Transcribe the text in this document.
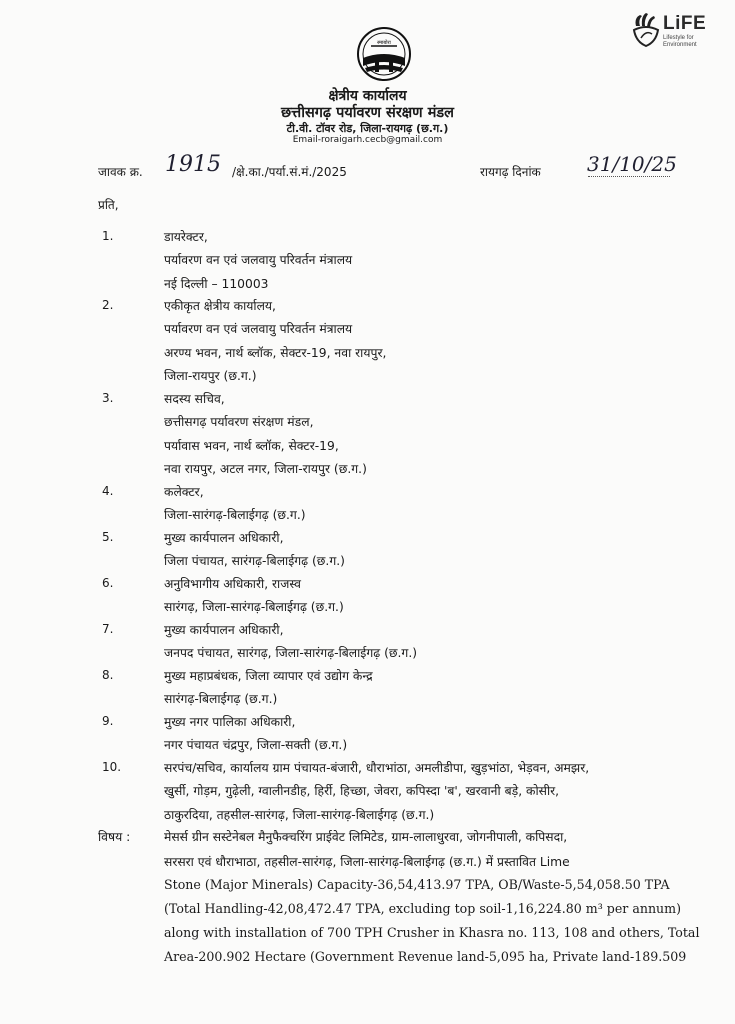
स्माबोरा
LiFE
Lifestyle for Environment
क्षेत्रीय कार्यालय
छत्तीसगढ़ पर्यावरण संरक्षण मंडल
टी.वी. टॉवर रोड, जिला-रायगढ़ (छ.ग.)
Email-roraigarh.cecb@gmail.com
जावक क्र. 1915 /क्षे.का./पर्या.सं.मं./2025	रायगढ़ दिनांक 31/10/25
प्रति,
1.	डायरेक्टर,
पर्यावरण वन एवं जलवायु परिवर्तन मंत्रालय
नई दिल्ली – 110003
2.	एकीकृत क्षेत्रीय कार्यालय,
पर्यावरण वन एवं जलवायु परिवर्तन मंत्रालय
अरण्य भवन, नार्थ ब्लॉक, सेक्टर-19, नवा रायपुर,
जिला-रायपुर (छ.ग.)
3.	सदस्य सचिव,
छत्तीसगढ़ पर्यावरण संरक्षण मंडल,
पर्यावास भवन, नार्थ ब्लॉक, सेक्टर-19,
नवा रायपुर, अटल नगर, जिला-रायपुर (छ.ग.)
4.	कलेक्टर,
जिला-सारंगढ़-बिलाईगढ़ (छ.ग.)
5.	मुख्य कार्यपालन अधिकारी,
जिला पंचायत, सारंगढ़-बिलाईगढ़ (छ.ग.)
6.	अनुविभागीय अधिकारी, राजस्व
सारंगढ़, जिला-सारंगढ़-बिलाईगढ़ (छ.ग.)
7.	मुख्य कार्यपालन अधिकारी,
जनपद पंचायत, सारंगढ़, जिला-सारंगढ़-बिलाईगढ़ (छ.ग.)
8.	मुख्य महाप्रबंधक, जिला व्यापार एवं उद्योग केन्द्र
सारंगढ़-बिलाईगढ़ (छ.ग.)
9.	मुख्य नगर पालिका अधिकारी,
नगर पंचायत चंद्रपुर, जिला-सक्ती (छ.ग.)
10.	सरपंच/सचिव, कार्यालय ग्राम पंचायत-बंजारी, धौराभांठा, अमलीडीपा, खुड़भांठा, भेड़वन, अमझर,
खुर्सी, गोड़म, गुढ़ेली, ग्वालीनडीह, हिर्री, हिच्छा, जेवरा, कपिस्दा 'ब', खरवानी बड़े, कोसीर,
ठाकुरदिया, तहसील-सारंगढ़, जिला-सारंगढ़-बिलाईगढ़ (छ.ग.)
विषय :	मेसर्स ग्रीन सस्टेनेबल मैनुफैक्चरिंग प्राईवेट लिमिटेड, ग्राम-लालाधुरवा, जोगनीपाली, कपिसदा,
सरसरा एवं धौराभाठा, तहसील-सारंगढ़, जिला-सारंगढ़-बिलाईगढ़ (छ.ग.) में प्रस्तावित Lime
Stone (Major Minerals) Capacity-36,54,413.97 TPA, OB/Waste-5,54,058.50 TPA
(Total Handling-42,08,472.47 TPA, excluding top soil-1,16,224.80 m³ per annum)
along with installation of 700 TPH Crusher in Khasra no. 113, 108 and others, Total
Area-200.902 Hectare (Government Revenue land-5,095 ha, Private land-189.509
